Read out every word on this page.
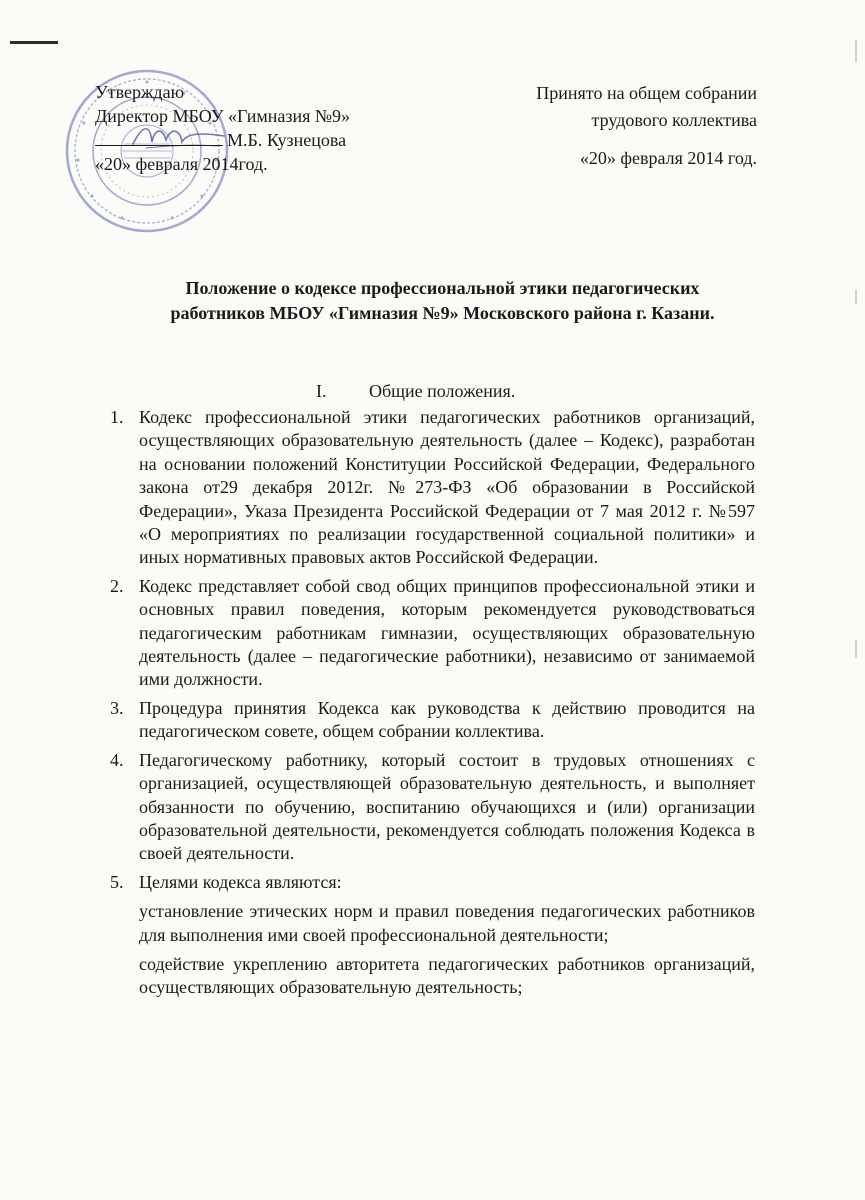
Утверждаю
Директор МБОУ «Гимназия №9»
М.Б. Кузнецова
«20» февраля 2014год.
Принято на общем собрании
трудового коллектива
«20» февраля 2014 год.
Положение о кодексе профессиональной этики педагогических
работников МБОУ «Гимназия №9» Московского района г. Казани.
I. Общие положения.
1. Кодекс профессиональной этики педагогических работников организаций, осуществляющих образовательную деятельность (далее – Кодекс), разработан на основании положений Конституции Российской Федерации, Федерального закона от29 декабря 2012г. №273-ФЗ «Об образовании в Российской Федерации», Указа Президента Российской Федерации от 7 мая 2012 г. №597 «О мероприятиях по реализации государственной социальной политики» и иных нормативных правовых актов Российской Федерации.
2. Кодекс представляет собой свод общих принципов профессиональной этики и основных правил поведения, которым рекомендуется руководствоваться педагогическим работникам гимназии, осуществляющих образовательную деятельность (далее – педагогические работники), независимо от занимаемой ими должности.
3. Процедура принятия Кодекса как руководства к действию проводится на педагогическом совете, общем собрании коллектива.
4. Педагогическому работнику, который состоит в трудовых отношениях с организацией, осуществляющей образовательную деятельность, и выполняет обязанности по обучению, воспитанию обучающихся и (или) организации образовательной деятельности, рекомендуется соблюдать положения Кодекса в своей деятельности.
5. Целями кодекса являются:
установление этических норм и правил поведения педагогических работников для выполнения ими своей профессиональной деятельности;
содействие укреплению авторитета педагогических работников организаций, осуществляющих образовательную деятельность;
